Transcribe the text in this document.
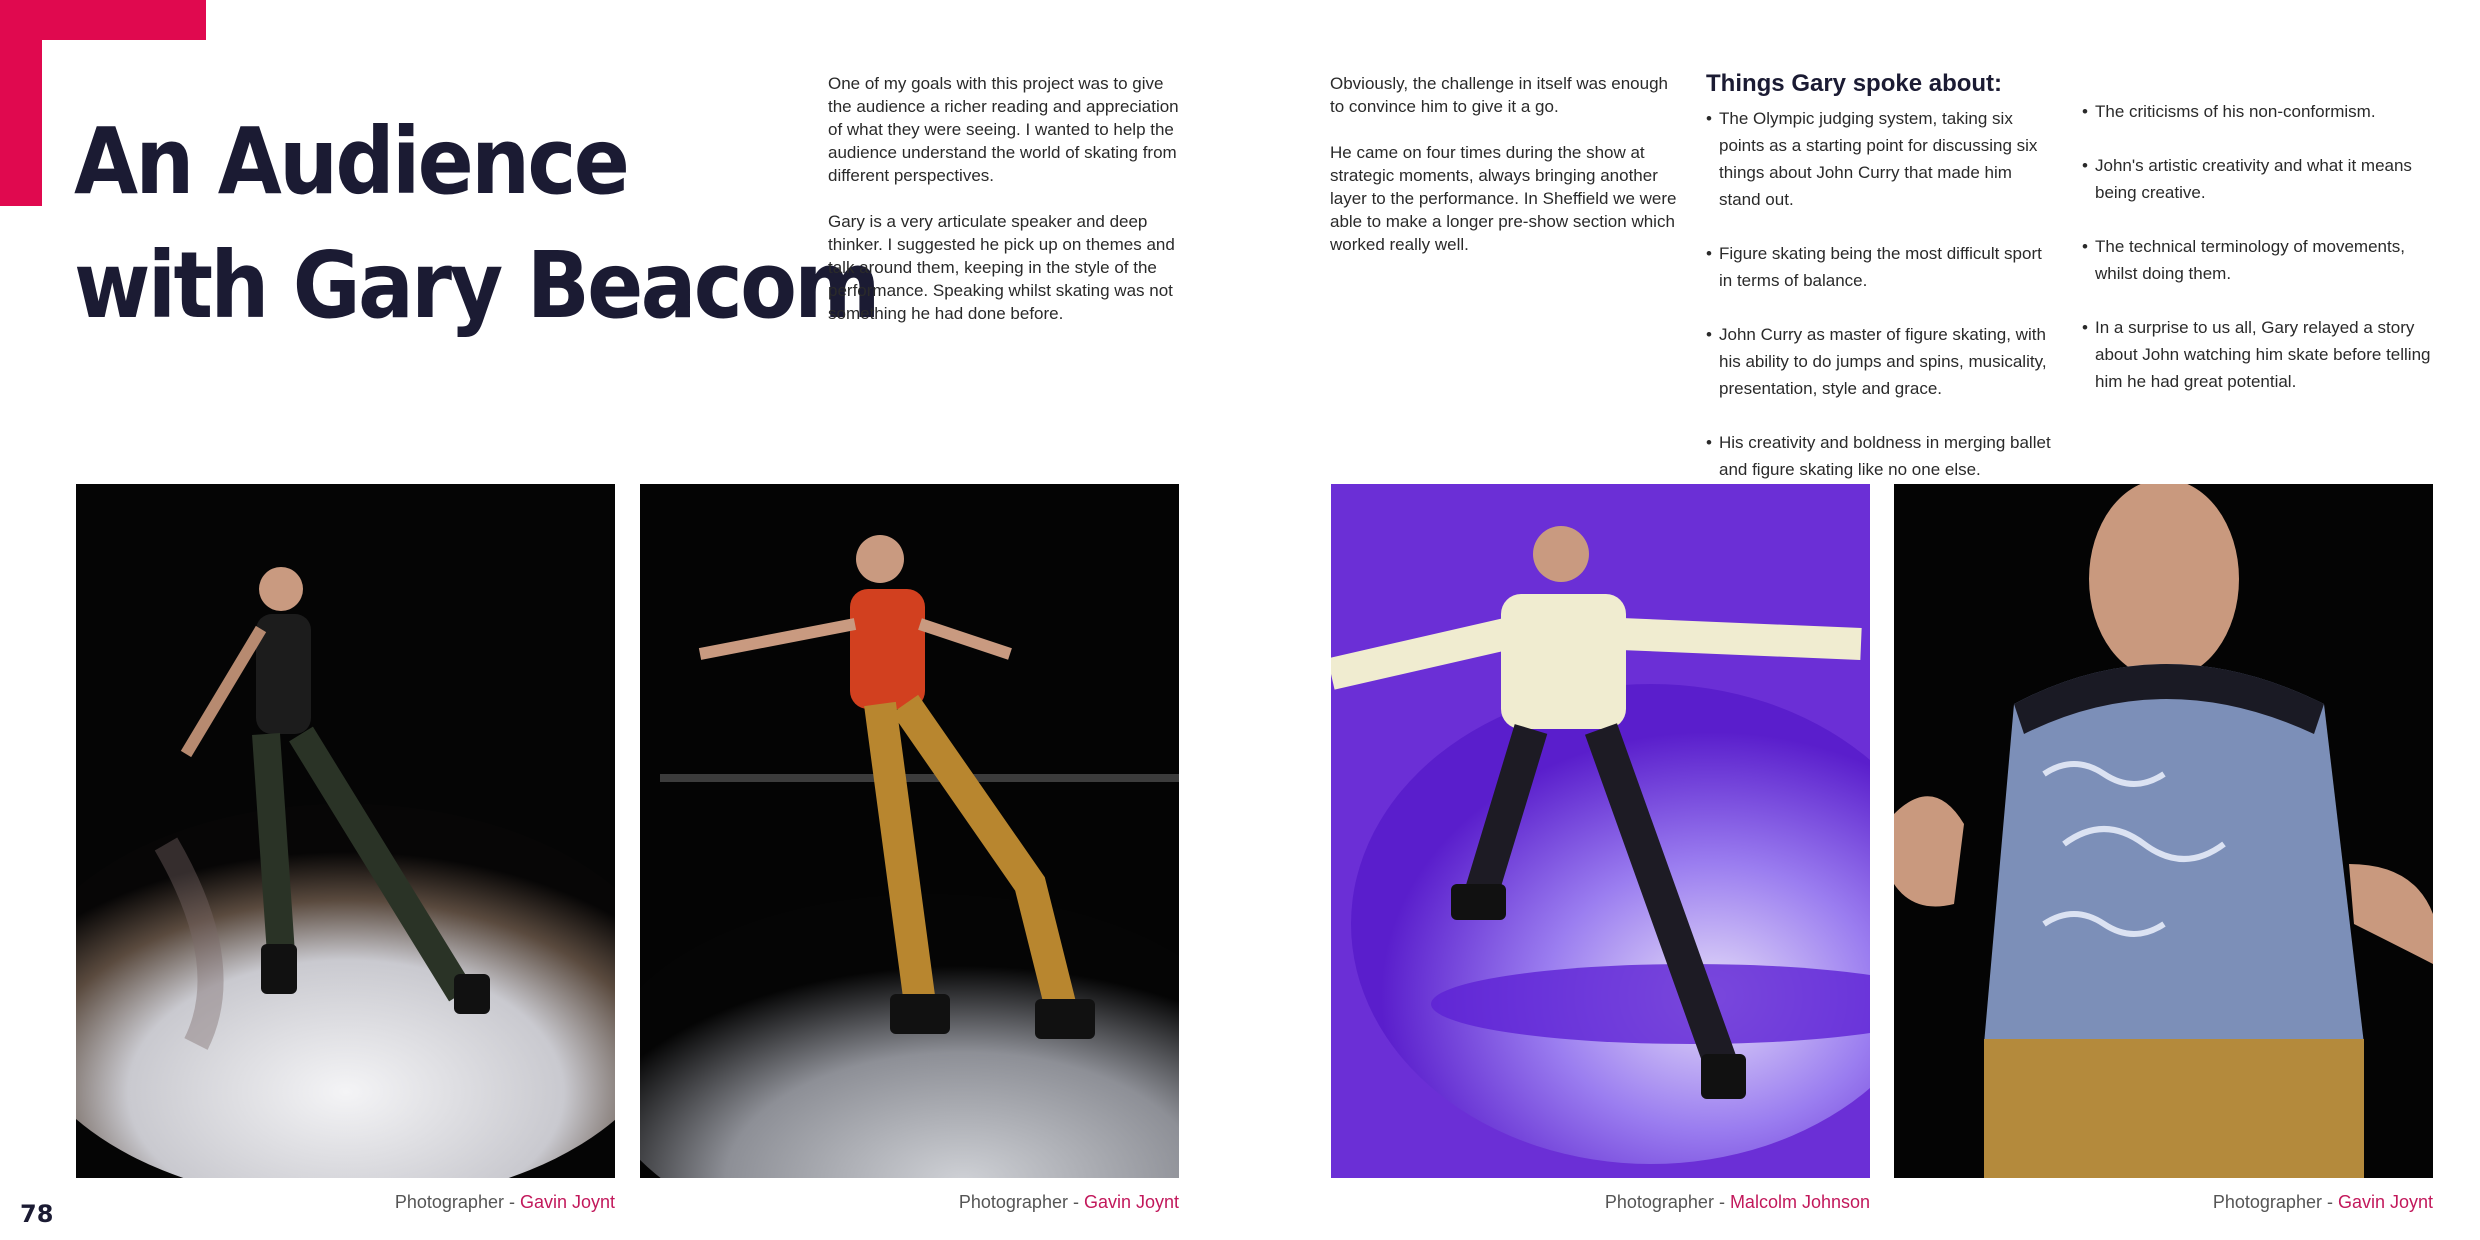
An Audience
with Gary Beacom

One of my goals with this project was to give the audience a richer reading and appreciation of what they were seeing. I wanted to help the audience understand the world of skating from different perspectives.

Gary is a very articulate speaker and deep thinker. I suggested he pick up on themes and talk around them, keeping in the style of the performance. Speaking whilst skating was not something he had done before.

Obviously, the challenge in itself was enough to convince him to give it a go.

He came on four times during the show at strategic moments, always bringing another layer to the performance. In Sheffield we were able to make a longer pre-show section which worked really well.

Things Gary spoke about:
• The Olympic judging system, taking six points as a starting point for discussing six things about John Curry that made him stand out.
• Figure skating being the most difficult sport in terms of balance.
• John Curry as master of figure skating, with his ability to do jumps and spins, musicality, presentation, style and grace.
• His creativity and boldness in merging ballet and figure skating like no one else.
• The criticisms of his non-conformism.
• John's artistic creativity and what it means being creative.
• The technical terminology of movements, whilst doing them.
• In a surprise to us all, Gary relayed a story about John watching him skate before telling him he had great potential.
Photographer - Gavin Joynt	Photographer - Gavin Joynt	Photographer - Malcolm Johnson	Photographer - Gavin Joynt
78
